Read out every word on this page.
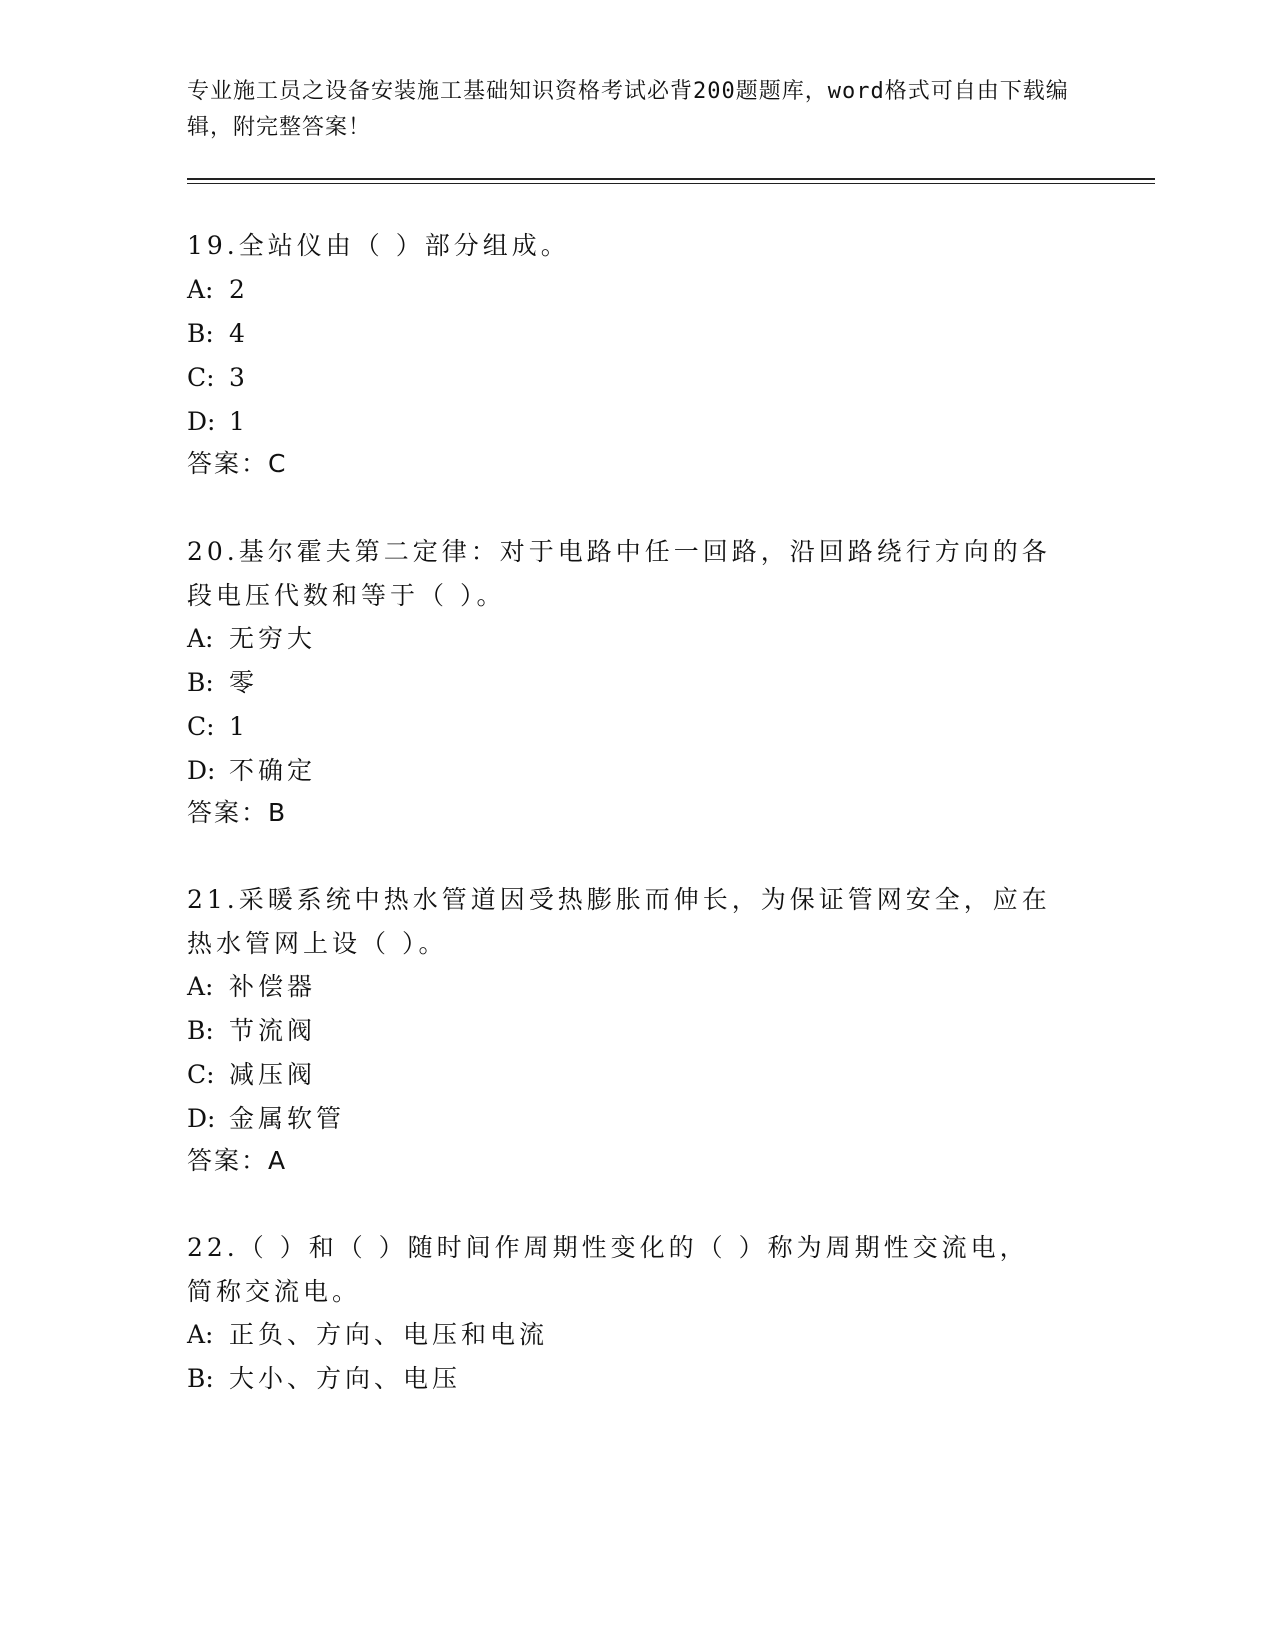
专业施工员之设备安装施工基础知识资格考试必背200题题库，word格式可自由下载编辑，附完整答案！
19.全站仪由（ ）部分组成。
A: 2
B: 4
C: 3
D: 1
答案：C
20.基尔霍夫第二定律：对于电路中任一回路，沿回路绕行方向的各段电压代数和等于（ ）。
A: 无穷大
B: 零
C: 1
D: 不确定
答案：B
21.采暖系统中热水管道因受热膨胀而伸长，为保证管网安全，应在热水管网上设（ ）。
A: 补偿器
B: 节流阀
C: 减压阀
D: 金属软管
答案：A
22.（ ）和（ ）随时间作周期性变化的（ ）称为周期性交流电，简称交流电。
A: 正负、方向、电压和电流
B: 大小、方向、电压
